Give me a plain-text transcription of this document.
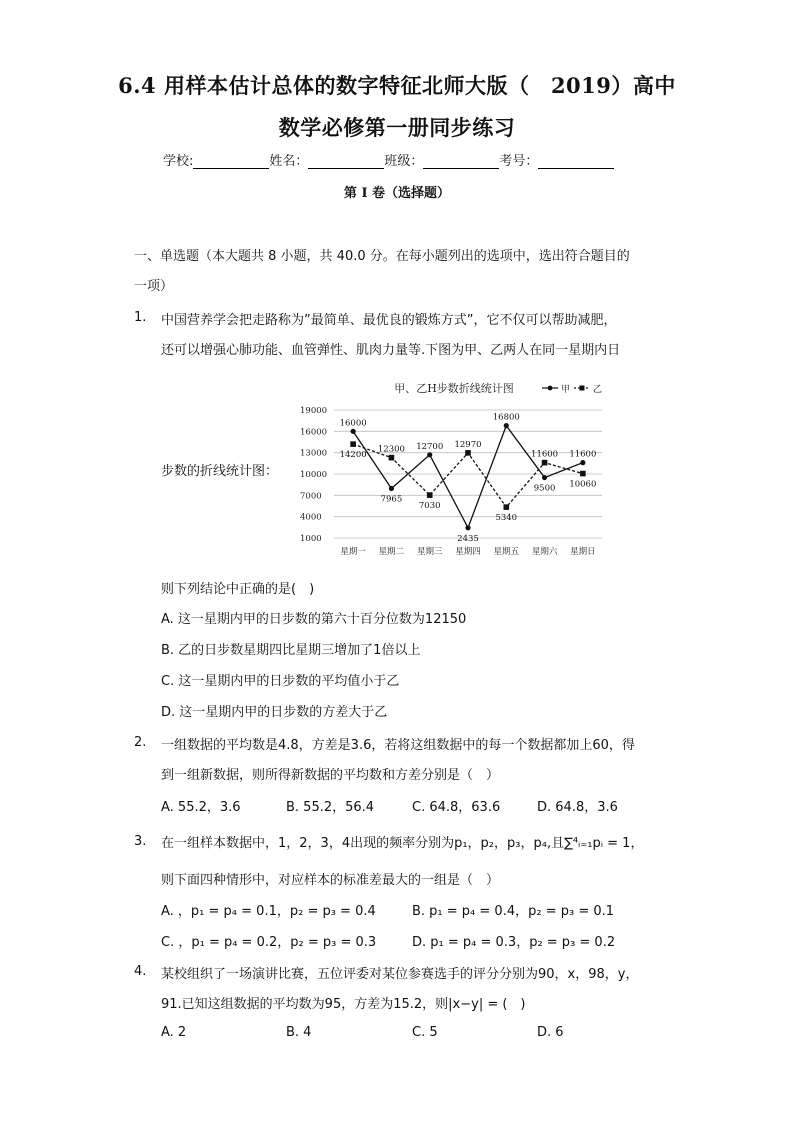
6.4 用样本估计总体的数字特征北师大版（　2019）高中
数学必修第一册同步练习
学校:	姓名：	班级：	考号：
第 I 卷（选择题）
一、单选题（本大题共 8 小题，共 40.0 分。在每小题列出的选项中，选出符合题目的
一项）
1. 中国营养学会把走路称为”最简单、最优良的锻炼方式”，它不仅可以帮助减肥，
还可以增强心肺功能、血管弹性、肌肉力量等.下图为甲、乙两人在同一星期内日
步数的折线统计图：
甲、乙H步数折线统计图	甲	乙
19000
16000
13000
10000
7000
4000
1000
星期一 星期二 星期三 星期四 星期五 星期六 星期日
16000
7965
12700
2435
16800
9500
11600
14200
12300
7030
12970
5340
11600
10060
则下列结论中正确的是(　)
A. 这一星期内甲的日步数的第六十百分位数为12150
B. 乙的日步数星期四比星期三增加了1倍以上
C. 这一星期内甲的日步数的平均值小于乙
D. 这一星期内甲的日步数的方差大于乙
2. 一组数据的平均数是4.8，方差是3.6，若将这组数据中的每一个数据都加上60，得
到一组新数据，则所得新数据的平均数和方差分别是（　）
A. 55.2，3.6	B. 55.2，56.4	C. 64.8，63.6	D. 64.8，3.6
3. 在一组样本数据中，1，2，3，4出现的频率分别为p₁，p₂，p₃，p₄,且∑⁴ᵢ₌₁pᵢ = 1，
则下面四种情形中，对应样本的标准差最大的一组是（　）
A. ，p₁ = p₄ = 0.1，p₂ = p₃ = 0.4	B. p₁ = p₄ = 0.4，p₂ = p₃ = 0.1
C. ，p₁ = p₄ = 0.2，p₂ = p₃ = 0.3	D. p₁ = p₄ = 0.3，p₂ = p₃ = 0.2
4. 某校组织了一场演讲比赛，五位评委对某位参赛选手的评分分别为90，x，98，y，
91.已知这组数据的平均数为95，方差为15.2，则|x−y| = (　)
A. 2	B. 4	C. 5	D. 6
